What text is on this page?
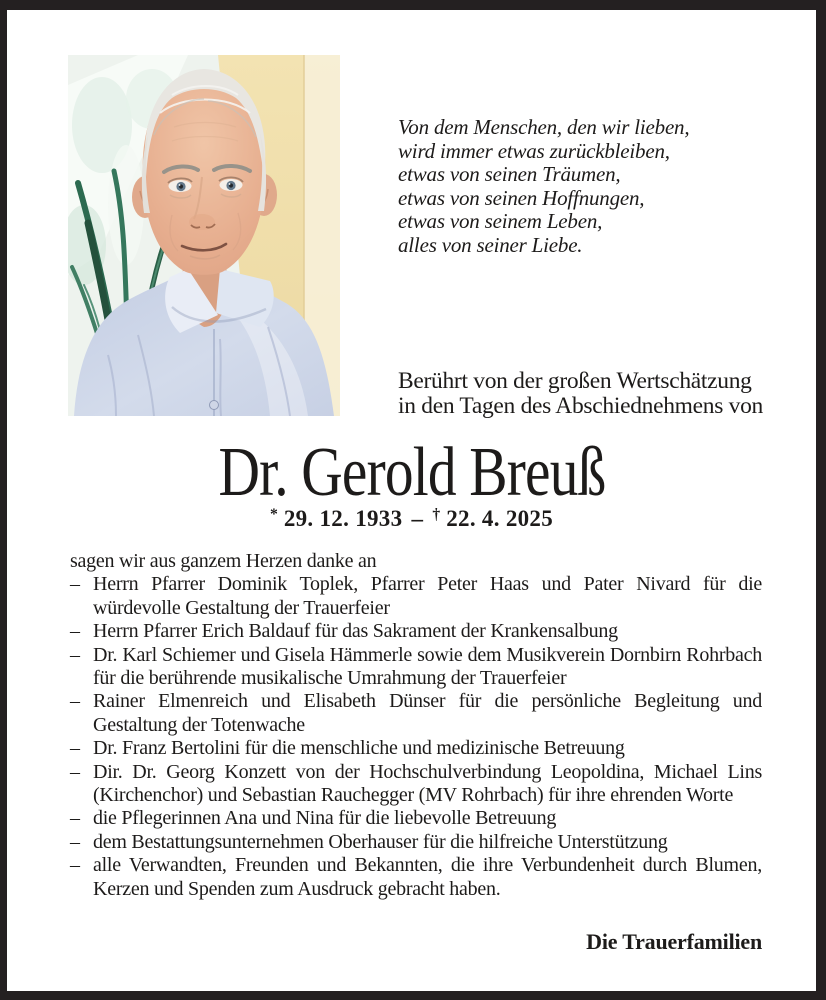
Von dem Menschen, den wir lieben,
wird immer etwas zurückbleiben,
etwas von seinen Träumen,
etwas von seinen Hoffnungen,
etwas von seinem Leben,
alles von seiner Liebe.
Berührt von der großen Wertschätzung
in den Tagen des Abschiednehmens von
Dr. Gerold Breuß
* 29. 12. 1933 – † 22. 4. 2025

sagen wir aus ganzem Herzen danke an

– Herrn Pfarrer Dominik Toplek, Pfarrer Peter Haas und Pater Nivard für die würdevolle Gestaltung der Trauerfeier
– Herrn Pfarrer Erich Baldauf für das Sakrament der Krankensalbung
– Dr. Karl Schiemer und Gisela Hämmerle sowie dem Musikverein Dornbirn Rohrbach für die berührende musikalische Umrahmung der Trauerfeier
– Rainer Elmenreich und Elisabeth Dünser für die persönliche Begleitung und Gestaltung der Totenwache
– Dr. Franz Bertolini für die menschliche und medizinische Betreuung
– Dir. Dr. Georg Konzett von der Hochschulverbindung Leopoldina, Michael Lins (Kirchenchor) und Sebastian Rauchegger (MV Rohrbach) für ihre ehrenden Worte
– die Pflegerinnen Ana und Nina für die liebevolle Betreuung
– dem Bestattungsunternehmen Oberhauser für die hilfreiche Unterstützung
– alle Verwandten, Freunden und Bekannten, die ihre Verbundenheit durch Blumen, Kerzen und Spenden zum Ausdruck gebracht haben.
Die Trauerfamilien
